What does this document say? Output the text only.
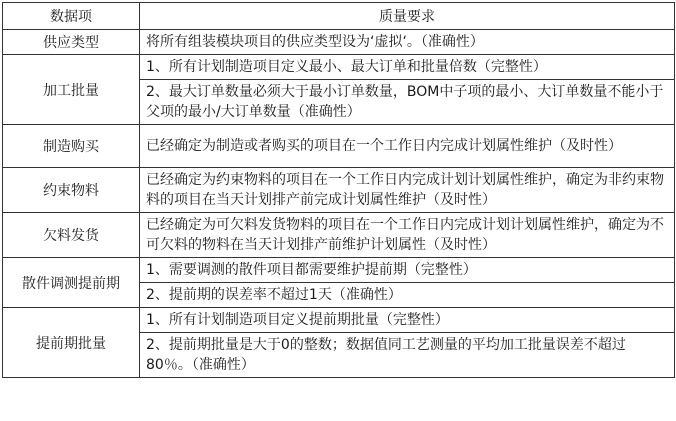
数据项	质量要求
供应类型	将所有组装模块项目的供应类型设为‘虚拟‘。（准确性）
加工批量	1、所有计划制造项目定义最小、最大订单和批量倍数（完整性）
	2、最大订单数量必须大于最小订单数量，BOM中子项的最小、大订单数量不能小于父项的最小/大订单数量（准确性）
制造购买	已经确定为制造或者购买的项目在一个工作日内完成计划属性维护（及时性）
约束物料	已经确定为约束物料的项目在一个工作日内完成计划计划属性维护，确定为非约束物料的项目在当天计划排产前完成计划属性维护（及时性）
欠料发货	已经确定为可欠料发货物料的项目在一个工作日内完成计划计划属性维护，确定为不可欠料的物料在当天计划排产前维护计划属性（及时性）
散件调测提前期	1、需要调测的散件项目都需要维护提前期（完整性）
	2、提前期的误差率不超过1天（准确性）
提前期批量	1、所有计划制造项目定义提前期批量（完整性）
	2、提前期批量是大于0的整数；数据值同工艺测量的平均加工批量误差不超过80％。（准确性）
